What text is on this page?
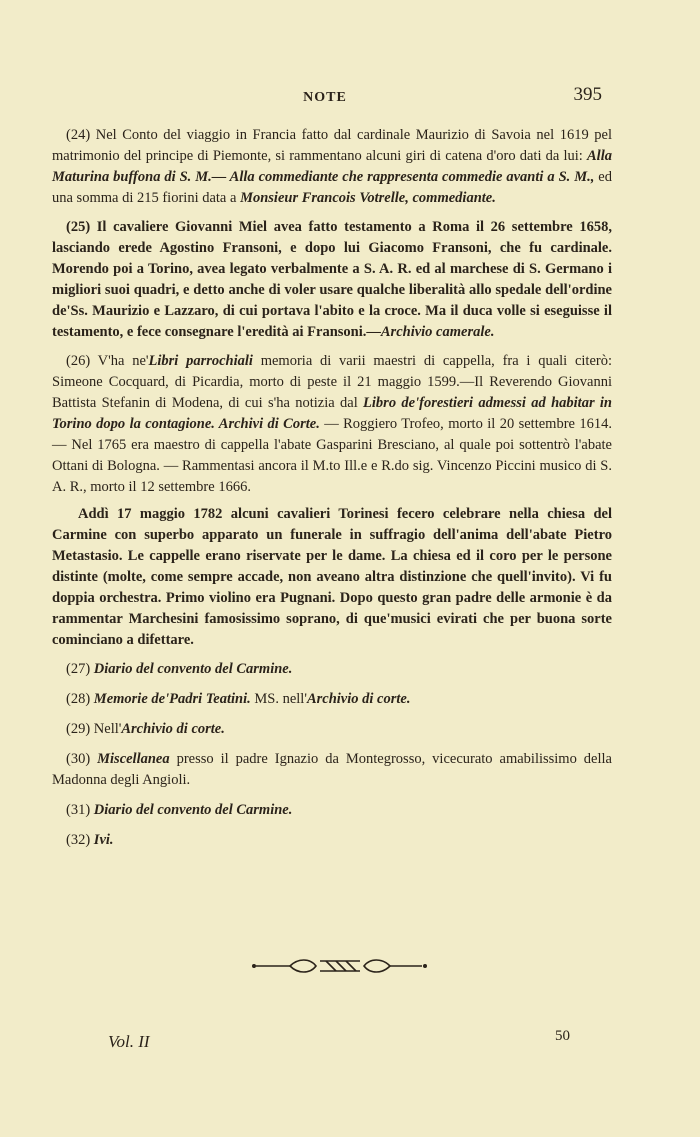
NOTE	395

(24) Nel Conto del viaggio in Francia fatto dal cardinale Maurizio di Savoia nel 1619 pel matrimonio del principe di Piemonte, si rammentano alcuni giri di catena d'oro dati da lui: Alla Maturina buffona di S. M.— Alla commediante che rappresenta commedie avanti a S. M., ed una somma di 215 fiorini data a Monsieur Francois Votrelle, commediante.

(25) Il cavaliere Giovanni Miel avea fatto testamento a Roma il 26 settembre 1658, lasciando erede Agostino Fransoni, e dopo lui Giacomo Fransoni, che fu cardinale. Morendo poi a Torino, avea legato verbalmente a S. A. R. ed al marchese di S. Germano i migliori suoi quadri, e detto anche di voler usare qualche liberalità allo spedale dell'ordine de'Ss. Maurizio e Lazzaro, di cui portava l'abito e la croce. Ma il duca volle si eseguisse il testamento, e fece consegnare l'eredità ai Fransoni.—Archivio camerale.

(26) V'ha ne'Libri parrochiali memoria di varii maestri di cappella, fra i quali citerò: Simeone Cocquard, di Picardia, morto di peste il 21 maggio 1599.—Il Reverendo Giovanni Battista Stefanin di Modena, di cui s'ha notizia dal Libro de'forestieri admessi ad habitar in Torino dopo la contagione. Archivi di Corte. — Roggiero Trofeo, morto il 20 settembre 1614. — Nel 1765 era maestro di cappella l'abate Gasparini Bresciano, al quale poi sottentrò l'abate Ottani di Bologna. — Rammentasi ancora il M.to Ill.e e R.do sig. Vincenzo Piccini musico di S. A. R., morto il 12 settembre 1666.

Addì 17 maggio 1782 alcuni cavalieri Torinesi fecero celebrare nella chiesa del Carmine con superbo apparato un funerale in suffragio dell'anima dell'abate Pietro Metastasio. Le cappelle erano riservate per le dame. La chiesa ed il coro per le persone distinte (molte, come sempre accade, non aveano altra distinzione che quell'invito). Vi fu doppia orchestra. Primo violino era Pugnani. Dopo questo gran padre delle armonie è da rammentar Marchesini famosissimo soprano, di que'musici evirati che per buona sorte cominciano a difettare.

(27) Diario del convento del Carmine.

(28) Memorie de'Padri Teatini. MS. nell'Archivio di corte.

(29) Nell'Archivio di corte.

(30) Miscellanea presso il padre Ignazio da Montegrosso, vicecurato amabilissimo della Madonna degli Angioli.

(31) Diario del convento del Carmine.

(32) Ivi.

Vol. II	50
